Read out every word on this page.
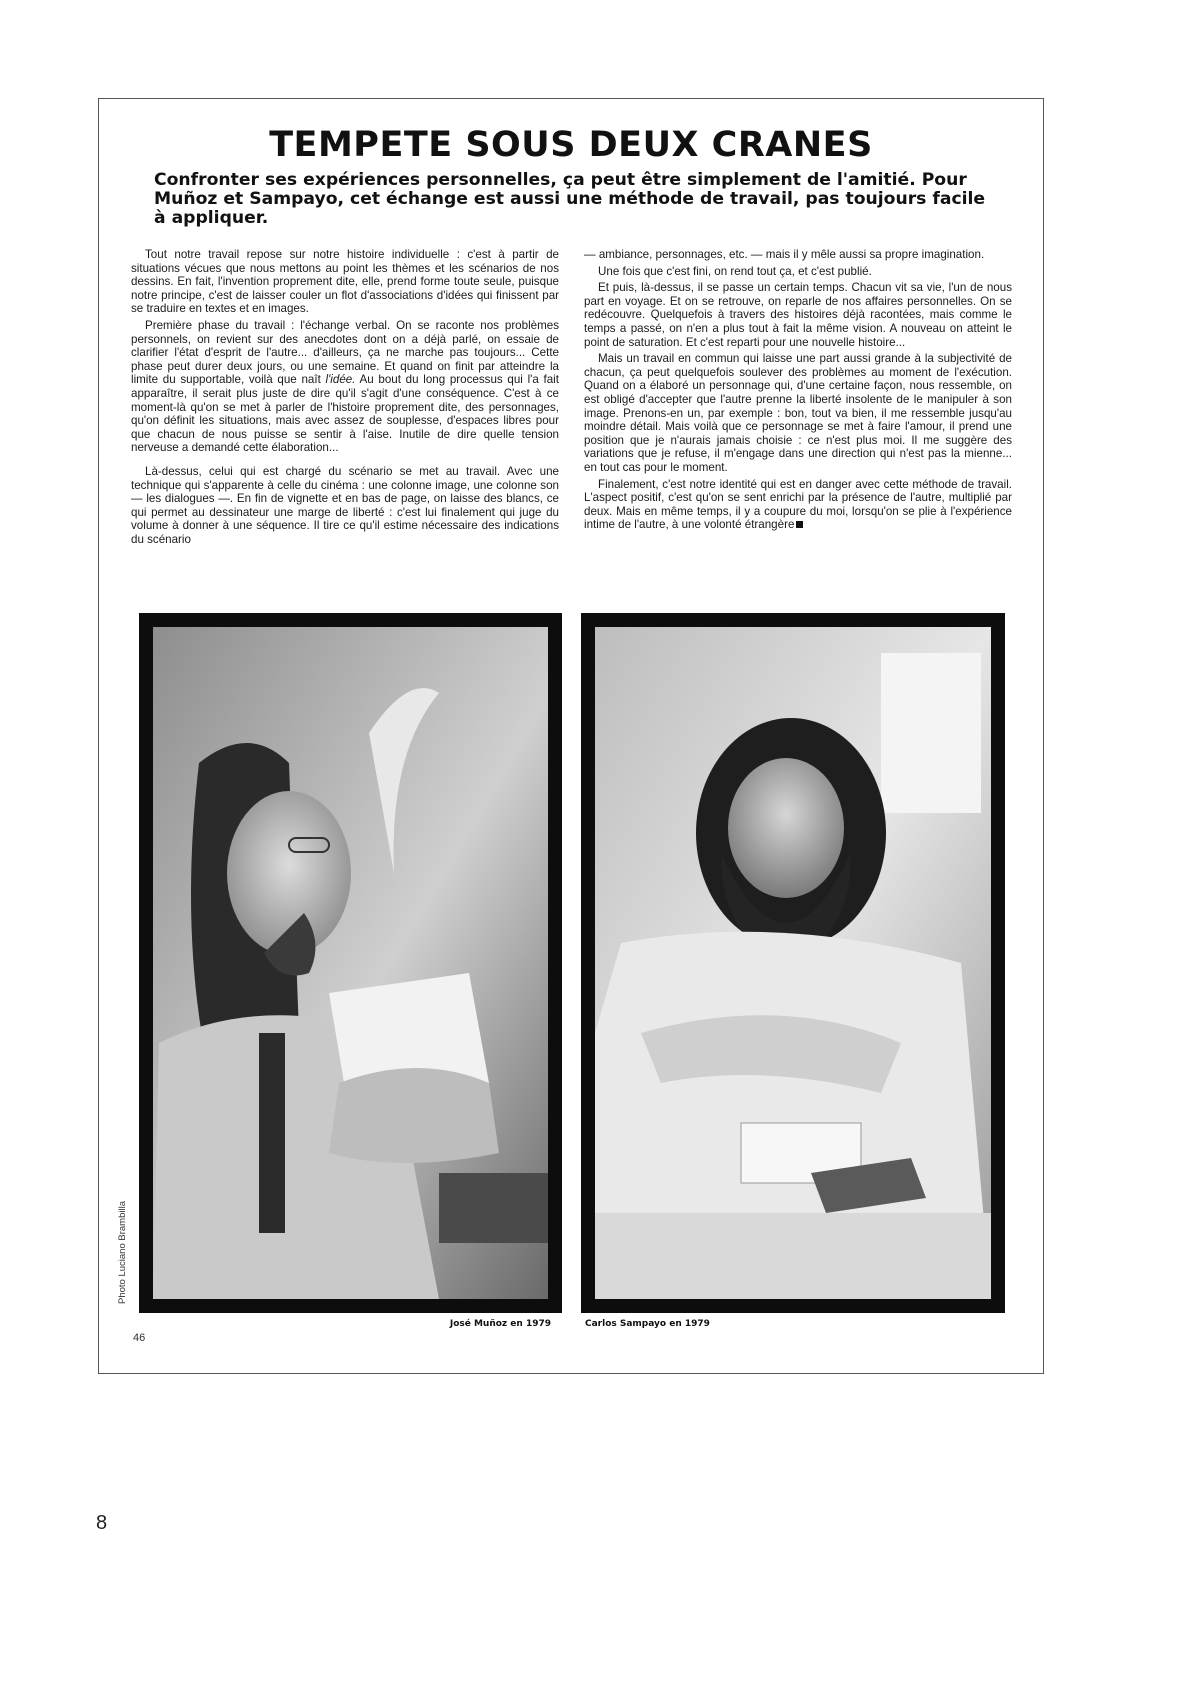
TEMPETE SOUS DEUX CRANES

Confronter ses expériences personnelles, ça peut être simplement de l'amitié. Pour Muñoz et Sampayo, cet échange est aussi une méthode de travail, pas toujours facile à appliquer.

Tout notre travail repose sur notre histoire individuelle : c'est à partir de situations vécues que nous mettons au point les thèmes et les scénarios de nos dessins. En fait, l'invention proprement dite, elle, prend forme toute seule, puisque notre principe, c'est de laisser couler un flot d'associations d'idées qui finissent par se traduire en textes et en images.

Première phase du travail : l'échange verbal. On se raconte nos problèmes personnels, on revient sur des anecdotes dont on a déjà parlé, on essaie de clarifier l'état d'esprit de l'autre... d'ailleurs, ça ne marche pas toujours... Cette phase peut durer deux jours, ou une semaine. Et quand on finit par atteindre la limite du supportable, voilà que naît l'idée. Au bout du long processus qui l'a fait apparaître, il serait plus juste de dire qu'il s'agit d'une conséquence. C'est à ce moment-là qu'on se met à parler de l'histoire proprement dite, des personnages, qu'on définit les situations, mais avec assez de souplesse, d'espaces libres pour que chacun de nous puisse se sentir à l'aise. Inutile de dire quelle tension nerveuse a demandé cette élaboration...

Là-dessus, celui qui est chargé du scénario se met au travail. Avec une technique qui s'apparente à celle du cinéma : une colonne image, une colonne son — les dialogues —. En fin de vignette et en bas de page, on laisse des blancs, ce qui permet au dessinateur une marge de liberté : c'est lui finalement qui juge du volume à donner à une séquence. Il tire ce qu'il estime nécessaire des indications du scénario

— ambiance, personnages, etc. — mais il y mêle aussi sa propre imagination.

Une fois que c'est fini, on rend tout ça, et c'est publié.

Et puis, là-dessus, il se passe un certain temps. Chacun vit sa vie, l'un de nous part en voyage. Et on se retrouve, on reparle de nos affaires personnelles. On se redécouvre. Quelquefois à travers des histoires déjà racontées, mais comme le temps a passé, on n'en a plus tout à fait la même vision. A nouveau on atteint le point de saturation. Et c'est reparti pour une nouvelle histoire...

Mais un travail en commun qui laisse une part aussi grande à la subjectivité de chacun, ça peut quelquefois soulever des problèmes au moment de l'exécution. Quand on a élaboré un personnage qui, d'une certaine façon, nous ressemble, on est obligé d'accepter que l'autre prenne la liberté insolente de le manipuler à son image. Prenons-en un, par exemple : bon, tout va bien, il me ressemble jusqu'au moindre détail. Mais voilà que ce personnage se met à faire l'amour, il prend une position que je n'aurais jamais choisie : ce n'est plus moi. Il me suggère des variations que je refuse, il m'engage dans une direction qui n'est pas la mienne... en tout cas pour le moment.

Finalement, c'est notre identité qui est en danger avec cette méthode de travail. L'aspect positif, c'est qu'on se sent enrichi par la présence de l'autre, multiplié par deux. Mais en même temps, il y a coupure du moi, lorsqu'on se plie à l'expérience intime de l'autre, à une volonté étrangère

Photo Luciano Brambilla
José Muñoz en 1979	Carlos Sampayo en 1979
46
8
